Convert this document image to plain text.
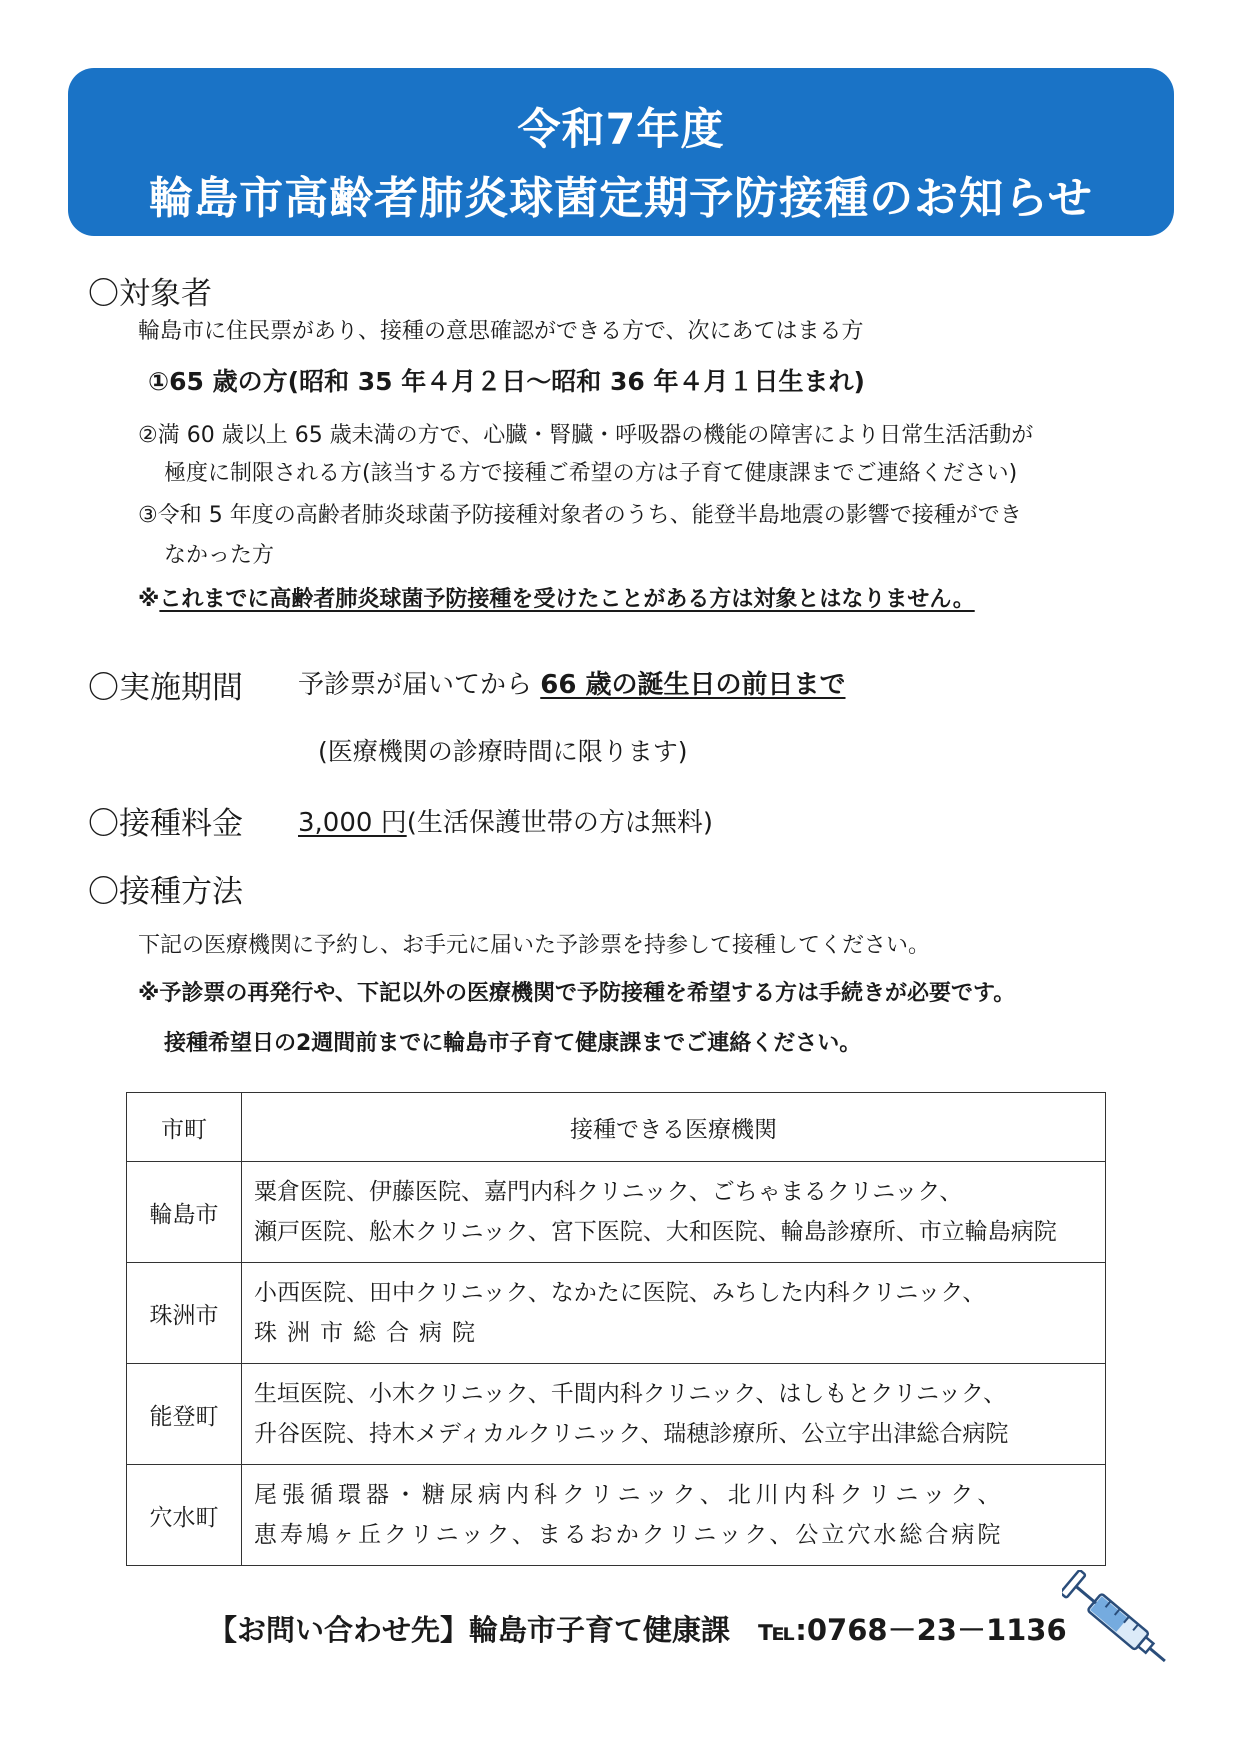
令和7年度
輪島市高齢者肺炎球菌定期予防接種のお知らせ
〇対象者
輪島市に住民票があり、接種の意思確認ができる方で、次にあてはまる方
①65 歳の方(昭和 35 年４月２日～昭和 36 年４月１日生まれ)
②満 60 歳以上 65 歳未満の方で、心臓・腎臓・呼吸器の機能の障害により日常生活活動が
極度に制限される方(該当する方で接種ご希望の方は子育て健康課までご連絡ください)
③令和 5 年度の高齢者肺炎球菌予防接種対象者のうち、能登半島地震の影響で接種ができ
なかった方
※これまでに高齢者肺炎球菌予防接種を受けたことがある方は対象とはなりません。
〇実施期間 予診票が届いてから 66 歳の誕生日の前日まで
(医療機関の診療時間に限ります)
〇接種料金 3,000 円(生活保護世帯の方は無料)
〇接種方法
下記の医療機関に予約し、お手元に届いた予診票を持参して接種してください。
※予診票の再発行や、下記以外の医療機関で予防接種を希望する方は手続きが必要です。
接種希望日の2週間前までに輪島市子育て健康課までご連絡ください。
市町	接種できる医療機関
輪島市	粟倉医院、伊藤医院、嘉門内科クリニック、ごちゃまるクリニック、
瀬戸医院、舩木クリニック、宮下医院、大和医院、輪島診療所、市立輪島病院

珠洲市	小西医院、田中クリニック、なかたに医院、みちした内科クリニック、
珠洲市総合病院

能登町	生垣医院、小木クリニック、千間内科クリニック、はしもとクリニック、
升谷医院、持木メディカルクリニック、瑞穂診療所、公立宇出津総合病院

穴水町	尾張循環器・糖尿病内科クリニック、北川内科クリニック、
恵寿鳩ヶ丘クリニック、まるおかクリニック、公立穴水総合病院
【お問い合わせ先】輪島市子育て健康課 ℡:0768－23－1136
